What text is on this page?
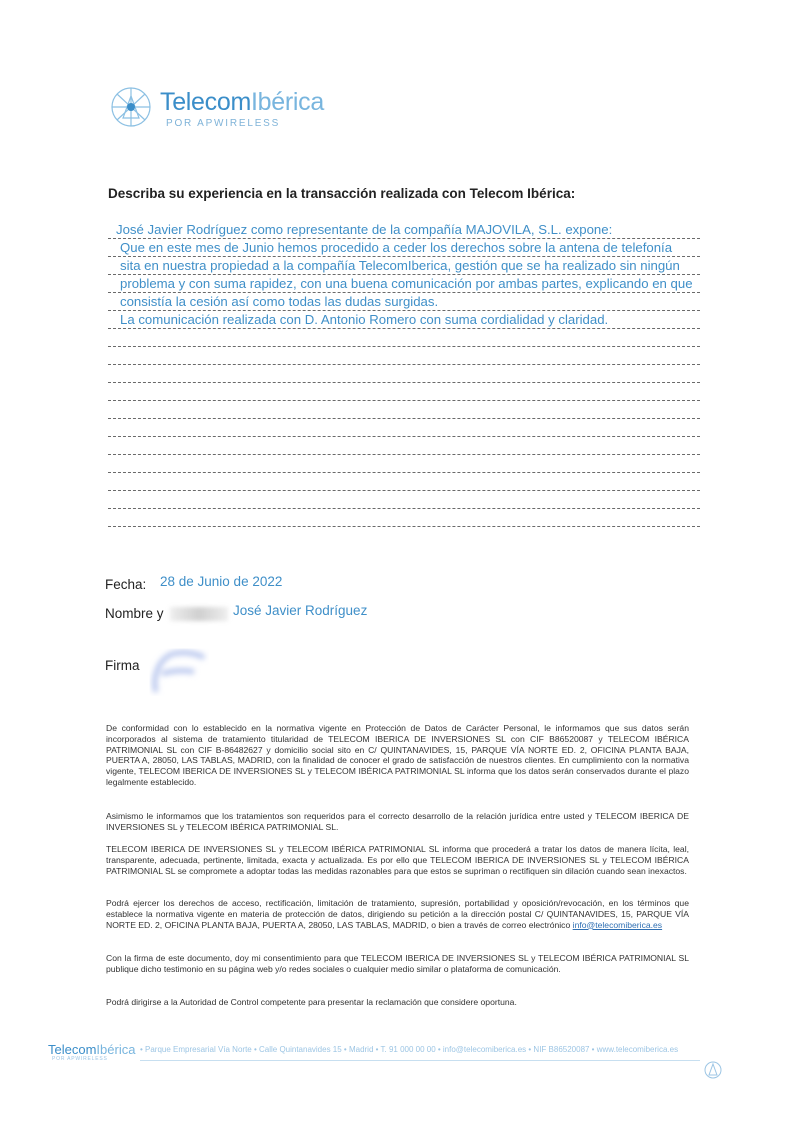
TelecomIbérica
POR APWIRELESS
Describa su experiencia en la transacción realizada con Telecom Ibérica:
José Javier Rodríguez como representante de la compañía MAJOVILA, S.L. expone:
Que en este mes de Junio hemos procedido a ceder los derechos sobre la antena de telefonía
sita en nuestra propiedad a la compañía TelecomIberica, gestión que se ha realizado sin ningún
problema y con suma rapidez, con una buena comunicación por ambas partes, explicando en que
consistía la cesión así como todas las dudas surgidas.
La comunicación realizada con D. Antonio Romero con suma cordialidad y claridad.
Fecha: 28 de Junio de 2022
Nombre y	José Javier Rodríguez
Firma

De conformidad con lo establecido en la normativa vigente en Protección de Datos de Carácter Personal, le informamos que sus datos serán incorporados al sistema de tratamiento titularidad de TELECOM IBERICA DE INVERSIONES SL con CIF B86520087 y TELECOM IBÉRICA PATRIMONIAL SL con CIF B-86482627 y domicilio social sito en C/ QUINTANAVIDES, 15, PARQUE VÍA NORTE ED. 2, OFICINA PLANTA BAJA, PUERTA A, 28050, LAS TABLAS, MADRID, con la finalidad de conocer el grado de satisfacción de nuestros clientes. En cumplimiento con la normativa vigente, TELECOM IBERICA DE INVERSIONES SL y TELECOM IBÉRICA PATRIMONIAL SL informa que los datos serán conservados durante el plazo legalmente establecido.

Asimismo le informamos que los tratamientos son requeridos para el correcto desarrollo de la relación jurídica entre usted y TELECOM IBERICA DE INVERSIONES SL y TELECOM IBÉRICA PATRIMONIAL SL.

TELECOM IBERICA DE INVERSIONES SL y TELECOM IBÉRICA PATRIMONIAL SL informa que procederá a tratar los datos de manera lícita, leal, transparente, adecuada, pertinente, limitada, exacta y actualizada. Es por ello que TELECOM IBERICA DE INVERSIONES SL y TELECOM IBÉRICA PATRIMONIAL SL se compromete a adoptar todas las medidas razonables para que estos se supriman o rectifiquen sin dilación cuando sean inexactos.

Podrá ejercer los derechos de acceso, rectificación, limitación de tratamiento, supresión, portabilidad y oposición/revocación, en los términos que establece la normativa vigente en materia de protección de datos, dirigiendo su petición a la dirección postal C/ QUINTANAVIDES, 15, PARQUE VÍA NORTE ED. 2, OFICINA PLANTA BAJA, PUERTA A, 28050, LAS TABLAS, MADRID, o bien a través de correo electrónico info@telecomiberica.es

Con la firma de este documento, doy mi consentimiento para que TELECOM IBERICA DE INVERSIONES SL y TELECOM IBÉRICA PATRIMONIAL SL publique dicho testimonio en su página web y/o redes sociales o cualquier medio similar o plataforma de comunicación.

Podrá dirigirse a la Autoridad de Control competente para presentar la reclamación que considere oportuna.

TelecomIbérica
POR APWIRELESS
• Parque Empresarial Vía Norte • Calle Quintanavides 15 • Madrid • T. 91 000 00 00 • info@telecomiberica.es • NIF B86520087 • www.telecomiberica.es
